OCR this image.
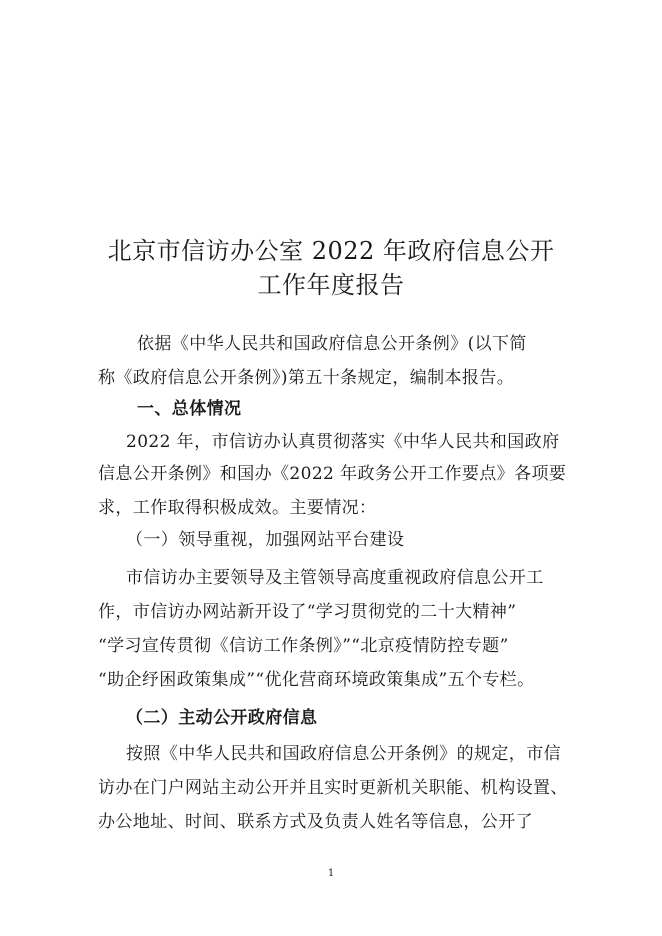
北京市信访办公室 2022 年政府信息公开
工作年度报告
依据《中华人民共和国政府信息公开条例》(以下简
称《政府信息公开条例》)第五十条规定，编制本报告。
一、总体情况
2022 年，市信访办认真贯彻落实《中华人民共和国政府
信息公开条例》和国办《2022 年政务公开工作要点》各项要
求，工作取得积极成效。主要情况：
（一）领导重视，加强网站平台建设
市信访办主要领导及主管领导高度重视政府信息公开工
作，市信访办网站新开设了“学习贯彻党的二十大精神”
“学习宣传贯彻《信访工作条例》”“北京疫情防控专题”
“助企纾困政策集成”“优化营商环境政策集成”五个专栏。
（二）主动公开政府信息
按照《中华人民共和国政府信息公开条例》的规定，市信
访办在门户网站主动公开并且实时更新机关职能、机构设置、
办公地址、时间、联系方式及负责人姓名等信息，公开了
1
